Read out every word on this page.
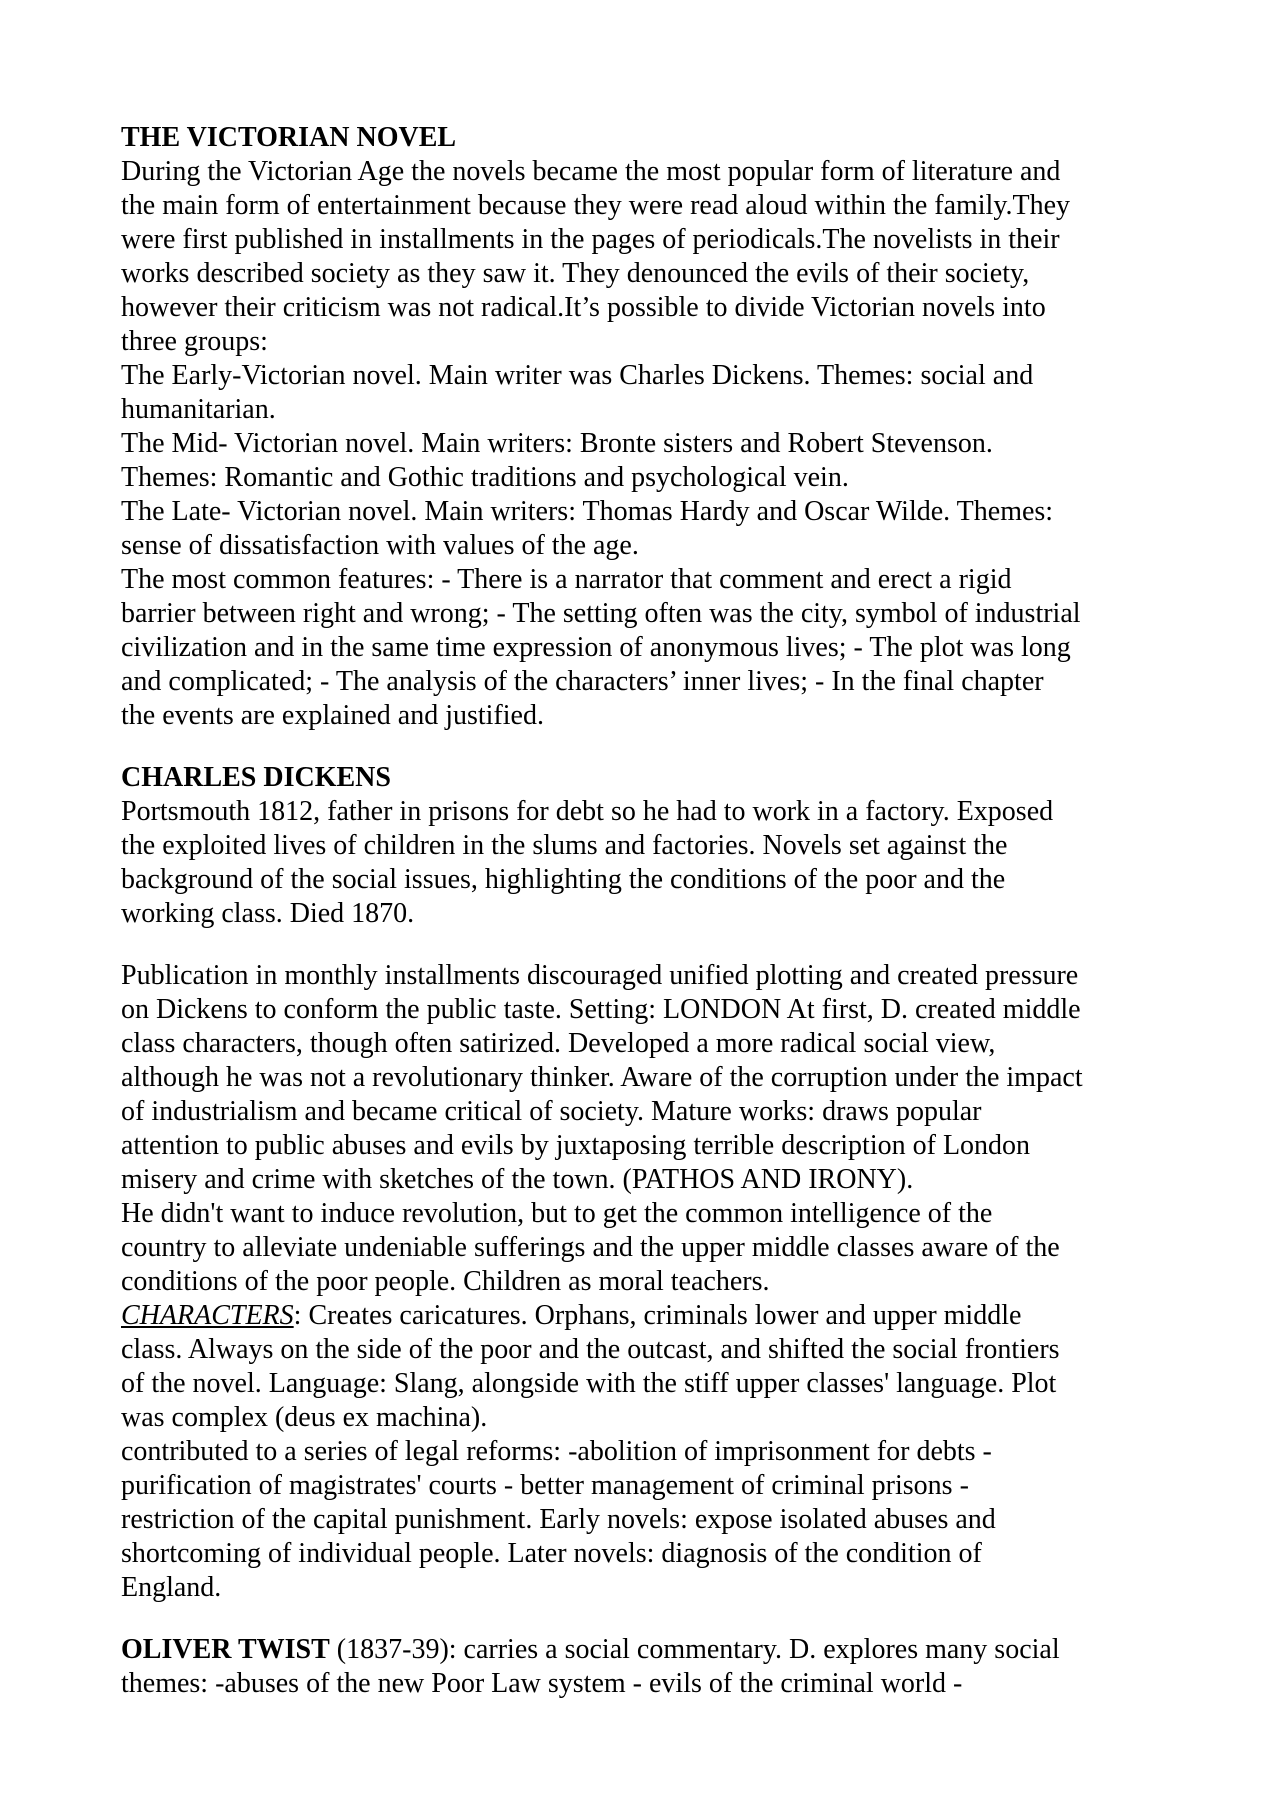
THE VICTORIAN NOVEL

During the Victorian Age the novels became the most popular form of literature and

the main form of entertainment because they were read aloud within the family.They

were first published in installments in the pages of periodicals.The novelists in their

works described society as they saw it. They denounced the evils of their society,

however their criticism was not radical.It’s possible to divide Victorian novels into

three groups:

The Early-Victorian novel. Main writer was Charles Dickens. Themes: social and

humanitarian.

The Mid- Victorian novel. Main writers: Bronte sisters and Robert Stevenson.

Themes: Romantic and Gothic traditions and psychological vein.

The Late- Victorian novel. Main writers: Thomas Hardy and Oscar Wilde. Themes:

sense of dissatisfaction with values of the age.

The most common features: - There is a narrator that comment and erect a rigid

barrier between right and wrong; - The setting often was the city, symbol of industrial

civilization and in the same time expression of anonymous lives; - The plot was long

and complicated; - The analysis of the characters’ inner lives; - In the final chapter

the events are explained and justified.

CHARLES DICKENS

Portsmouth 1812, father in prisons for debt so he had to work in a factory. Exposed

the exploited lives of children in the slums and factories. Novels set against the

background of the social issues, highlighting the conditions of the poor and the

working class. Died 1870.

Publication in monthly installments discouraged unified plotting and created pressure

on Dickens to conform the public taste. Setting: LONDON At first, D. created middle

class characters, though often satirized. Developed a more radical social view,

although he was not a revolutionary thinker. Aware of the corruption under the impact

of industrialism and became critical of society. Mature works: draws popular

attention to public abuses and evils by juxtaposing terrible description of London

misery and crime with sketches of the town. (PATHOS AND IRONY).

He didn't want to induce revolution, but to get the common intelligence of the

country to alleviate undeniable sufferings and the upper middle classes aware of the

conditions of the poor people. Children as moral teachers.

CHARACTERS: Creates caricatures. Orphans, criminals lower and upper middle

class. Always on the side of the poor and the outcast, and shifted the social frontiers

of the novel. Language: Slang, alongside with the stiff upper classes' language. Plot

was complex (deus ex machina).

contributed to a series of legal reforms: -abolition of imprisonment for debts -

purification of magistrates' courts - better management of criminal prisons -

restriction of the capital punishment. Early novels: expose isolated abuses and

shortcoming of individual people. Later novels: diagnosis of the condition of

England.

OLIVER TWIST (1837-39): carries a social commentary. D. explores many social

themes: -abuses of the new Poor Law system - evils of the criminal world -
